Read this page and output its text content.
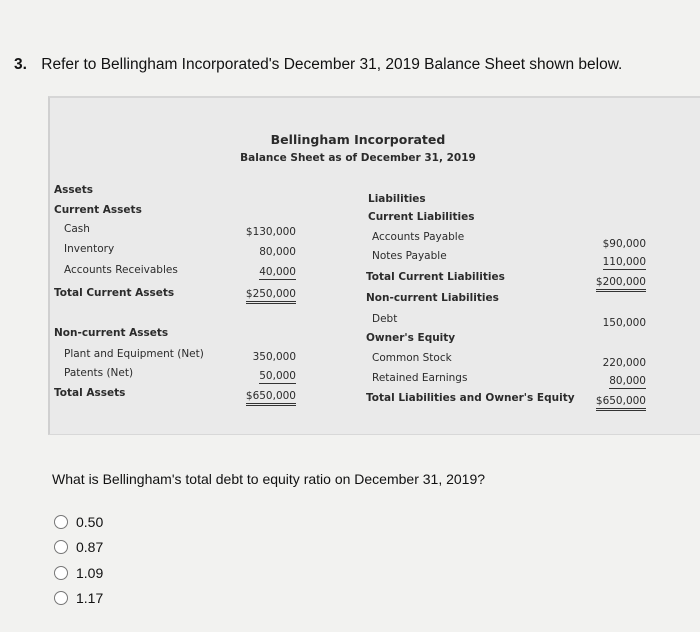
3. Refer to Bellingham Incorporated's December 31, 2019 Balance Sheet shown below.
Bellingham Incorporated
Balance Sheet as of December 31, 2019
Assets
Current Assets
Cash
Inventory
Accounts Receivables
Total Current Assets
$130,000
80,000
40,000
$250,000
Non-current Assets
Plant and Equipment (Net)
Patents (Net)
Total Assets
350,000
50,000
$650,000
Liabilities
Current Liabilities
Accounts Payable
Notes Payable
Total Current Liabilities
Non-current Liabilities
Debt
$90,000
110,000
$200,000
150,000
Owner's Equity
Common Stock
Retained Earnings
Total Liabilities and Owner's Equity
220,000
80,000
$650,000
What is Bellingham's total debt to equity ratio on December 31, 2019?
0.50
0.87
1.09
1.17
